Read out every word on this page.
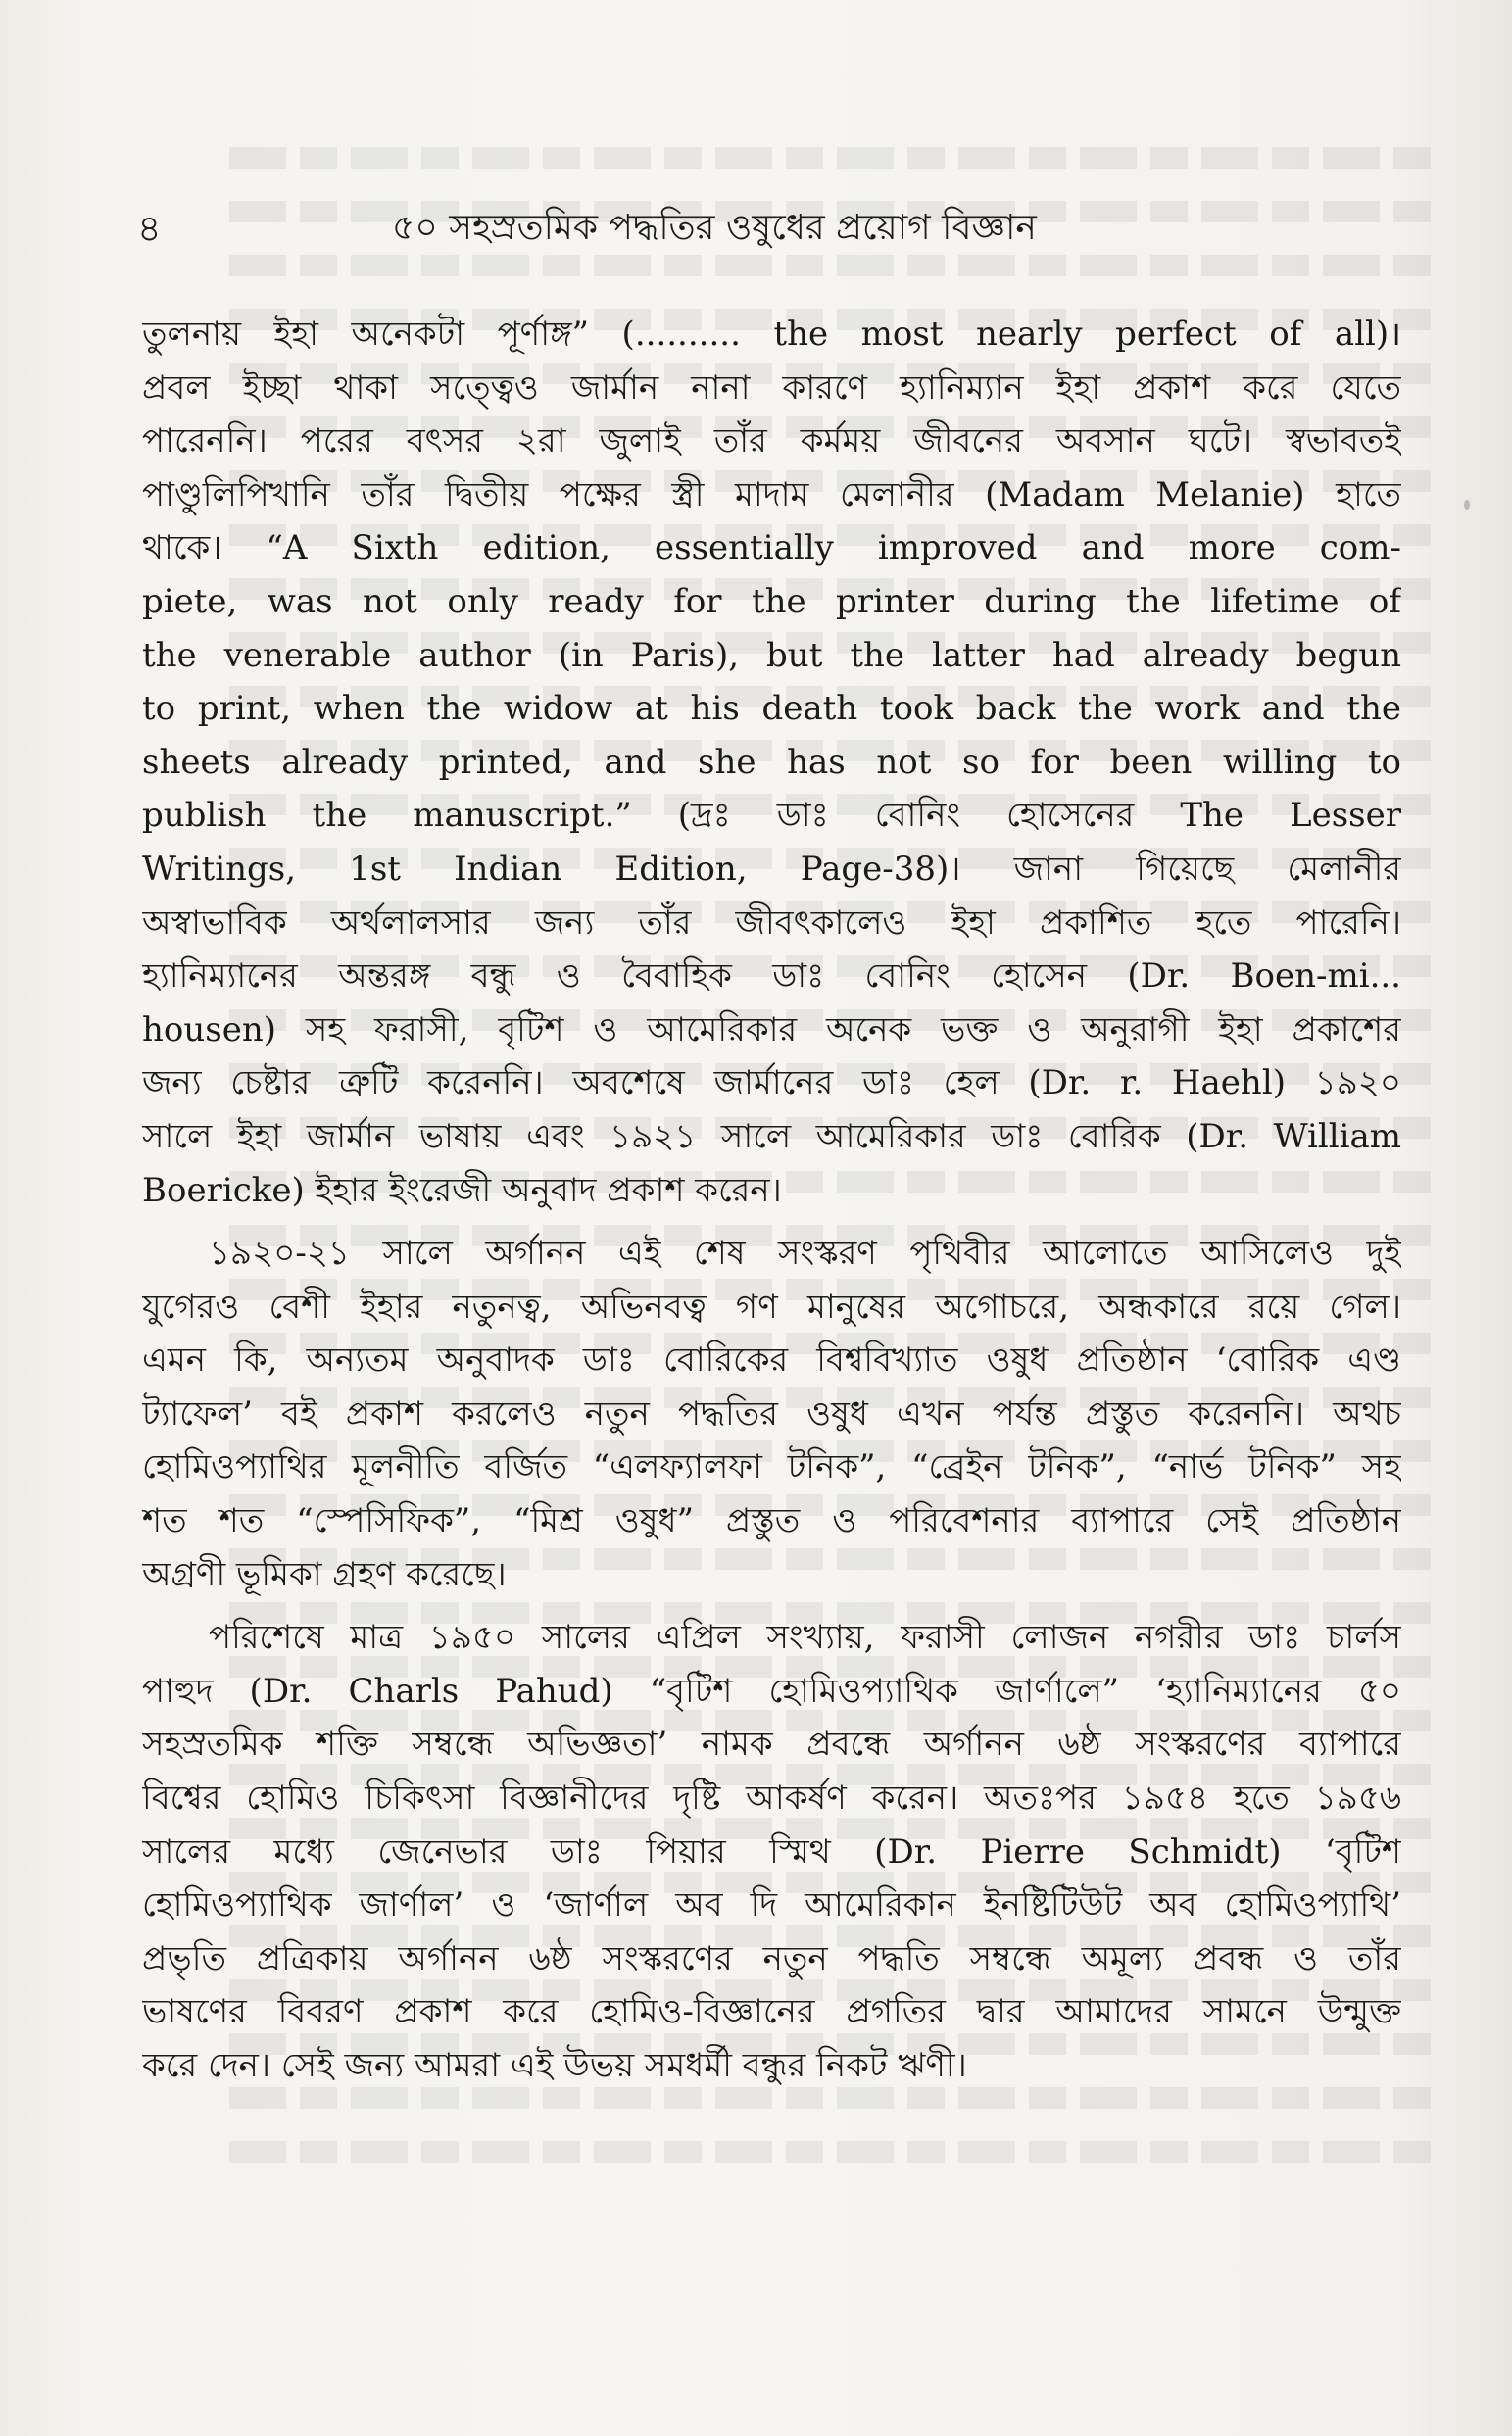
৪	৫০ সহস্রতমিক পদ্ধতির ওষুধের প্রয়োগ বিজ্ঞান
তুলনায় ইহা অনেকটা পূর্ণাঙ্গ” (.......... the most nearly perfect of all)।
প্রবল ইচ্ছা থাকা সত্ত্বেও জার্মান নানা কারণে হ্যানিম্যান ইহা প্রকাশ করে যেতে
পারেননি। পরের বৎসর ২রা জুলাই তাঁর কর্মময় জীবনের অবসান ঘটে। স্বভাবতই
পাণ্ডুলিপিখানি তাঁর দ্বিতীয় পক্ষের স্ত্রী মাদাম মেলানীর (Madam Melanie) হাতে
থাকে। “A Sixth edition, essentially improved and more com-
piete, was not only ready for the printer during the lifetime of
the venerable author (in Paris), but the latter had already begun
to print, when the widow at his death took back the work and the
sheets already printed, and she has not so for been willing to
publish the manuscript.” (দ্রঃ ডাঃ বোনিং হোসেনের The Lesser
Writings, 1st Indian Edition, Page-38)। জানা গিয়েছে মেলানীর
অস্বাভাবিক অর্থলালসার জন্য তাঁর জীবৎকালেও ইহা প্রকাশিত হতে পারেনি।
হ্যানিম্যানের অন্তরঙ্গ বন্ধু ও বৈবাহিক ডাঃ বোনিং হোসেন (Dr. Boen-mi...
housen) সহ ফরাসী, বৃটিশ ও আমেরিকার অনেক ভক্ত ও অনুরাগী ইহা প্রকাশের
জন্য চেষ্টার ত্রুটি করেননি। অবশেষে জার্মানের ডাঃ হেল (Dr. r. Haehl) ১৯২০
সালে ইহা জার্মান ভাষায় এবং ১৯২১ সালে আমেরিকার ডাঃ বোরিক (Dr. William
Boericke) ইহার ইংরেজী অনুবাদ প্রকাশ করেন।
১৯২০-২১ সালে অর্গানন এই শেষ সংস্করণ পৃথিবীর আলোতে আসিলেও দুই
যুগেরও বেশী ইহার নতুনত্ব, অভিনবত্ব গণ মানুষের অগোচরে, অন্ধকারে রয়ে গেল।
এমন কি, অন্যতম অনুবাদক ডাঃ বোরিকের বিশ্ববিখ্যাত ওষুধ প্রতিষ্ঠান ‘বোরিক এণ্ড
ট্যাফেল’ বই প্রকাশ করলেও নতুন পদ্ধতির ওষুধ এখন পর্যন্ত প্রস্তুত করেননি। অথচ
হোমিওপ্যাথির মূলনীতি বর্জিত “এলফ্যালফা টনিক”, “ব্রেইন টনিক”, “নার্ভ টনিক” সহ
শত শত “স্পেসিফিক”, “মিশ্র ওষুধ” প্রস্তুত ও পরিবেশনার ব্যাপারে সেই প্রতিষ্ঠান
অগ্রণী ভূমিকা গ্রহণ করেছে।
পরিশেষে মাত্র ১৯৫০ সালের এপ্রিল সংখ্যায়, ফরাসী লোজন নগরীর ডাঃ চার্লস
পাহুদ (Dr. Charls Pahud) “বৃটিশ হোমিওপ্যাথিক জার্ণালে” ‘হ্যানিম্যানের ৫০
সহস্রতমিক শক্তি সম্বন্ধে অভিজ্ঞতা’ নামক প্রবন্ধে অর্গানন ৬ষ্ঠ সংস্করণের ব্যাপারে
বিশ্বের হোমিও চিকিৎসা বিজ্ঞানীদের দৃষ্টি আকর্ষণ করেন। অতঃপর ১৯৫৪ হতে ১৯৫৬
সালের মধ্যে জেনেভার ডাঃ পিয়ার স্মিথ (Dr. Pierre Schmidt) ‘বৃটিশ
হোমিওপ্যাথিক জার্ণাল’ ও ‘জার্ণাল অব দি আমেরিকান ইনষ্টিটিউট অব হোমিওপ্যাথি’
প্রভৃতি প্রত্রিকায় অর্গানন ৬ষ্ঠ সংস্করণের নতুন পদ্ধতি সম্বন্ধে অমূল্য প্রবন্ধ ও তাঁর
ভাষণের বিবরণ প্রকাশ করে হোমিও-বিজ্ঞানের প্রগতির দ্বার আমাদের সামনে উন্মুক্ত
করে দেন। সেই জন্য আমরা এই উভয় সমধর্মী বন্ধুর নিকট ঋণী।
